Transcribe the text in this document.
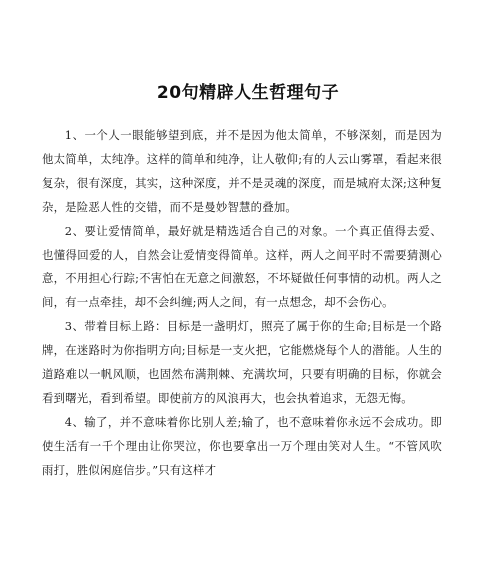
20句精辟人生哲理句子

1、一个人一眼能够望到底，并不是因为他太简单，不够深刻，而是因为他太简单，太纯净。这样的简单和纯净，让人敬仰;有的人云山雾罩，看起来很复杂，很有深度，其实，这种深度，并不是灵魂的深度，而是城府太深;这种复杂，是险恶人性的交错，而不是曼妙智慧的叠加。

2、要让爱情简单，最好就是精选适合自己的对象。一个真正值得去爱、也懂得回爱的人，自然会让爱情变得简单。这样，两人之间平时不需要猜测心意，不用担心行踪;不害怕在无意之间激怒，不坏疑做任何事情的动机。两人之间，有一点牵挂，却不会纠缠;两人之间，有一点想念，却不会伤心。

3、带着目标上路：目标是一盏明灯，照亮了属于你的生命;目标是一个路牌，在迷路时为你指明方向;目标是一支火把，它能燃烧每个人的潜能。人生的道路难以一帆风顺，也固然布满荆棘、充满坎坷，只要有明确的目标，你就会看到曙光，看到希望。即使前方的风浪再大，也会执着追求，无怨无悔。

4、输了，并不意味着你比别人差;输了，也不意味着你永远不会成功。即使生活有一千个理由让你哭泣，你也要拿出一万个理由笑对人生。“不管风吹雨打，胜似闲庭信步。”只有这样才
